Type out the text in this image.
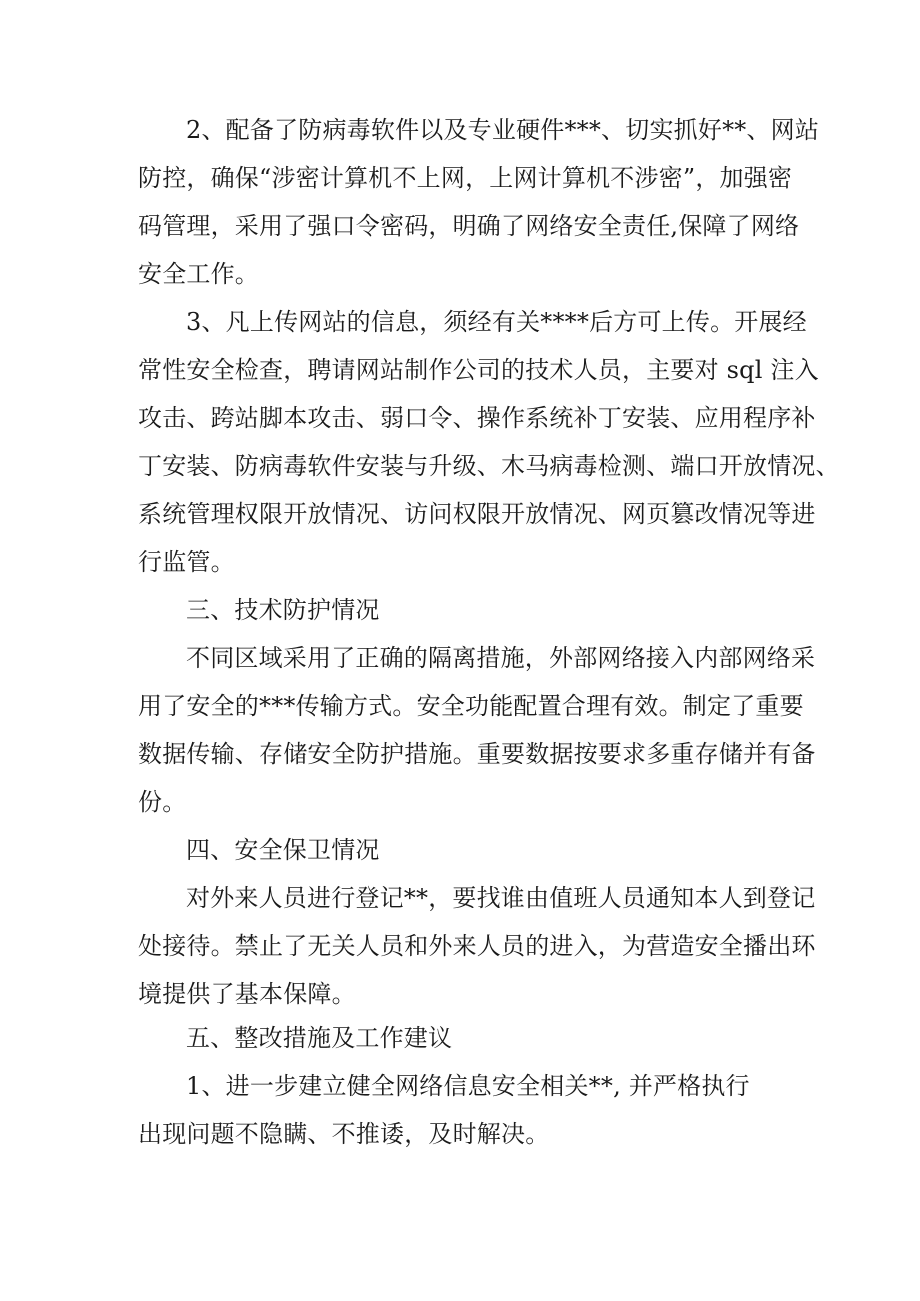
2、配备了防病毒软件以及专业硬件***、切实抓好**、网站
防控，确保“涉密计算机不上网，上网计算机不涉密”，加强密
码管理，采用了强口令密码，明确了网络安全责任,保障了网络
安全工作。
3、凡上传网站的信息，须经有关****后方可上传。开展经
常性安全检查，聘请网站制作公司的技术人员，主要对 sql 注入
攻击、跨站脚本攻击、弱口令、操作系统补丁安装、应用程序补
丁安装、防病毒软件安装与升级、木马病毒检测、端口开放情况、
系统管理权限开放情况、访问权限开放情况、网页篡改情况等进
行监管。
三、技术防护情况
不同区域采用了正确的隔离措施，外部网络接入内部网络采
用了安全的***传输方式。安全功能配置合理有效。制定了重要
数据传输、存储安全防护措施。重要数据按要求多重存储并有备
份。
四、安全保卫情况
对外来人员进行登记**，要找谁由值班人员通知本人到登记
处接待。禁止了无关人员和外来人员的进入，为营造安全播出环
境提供了基本保障。
五、整改措施及工作建议
1、进一步建立健全网络信息安全相关**, 并严格执行
出现问题不隐瞒、不推诿，及时解决。
